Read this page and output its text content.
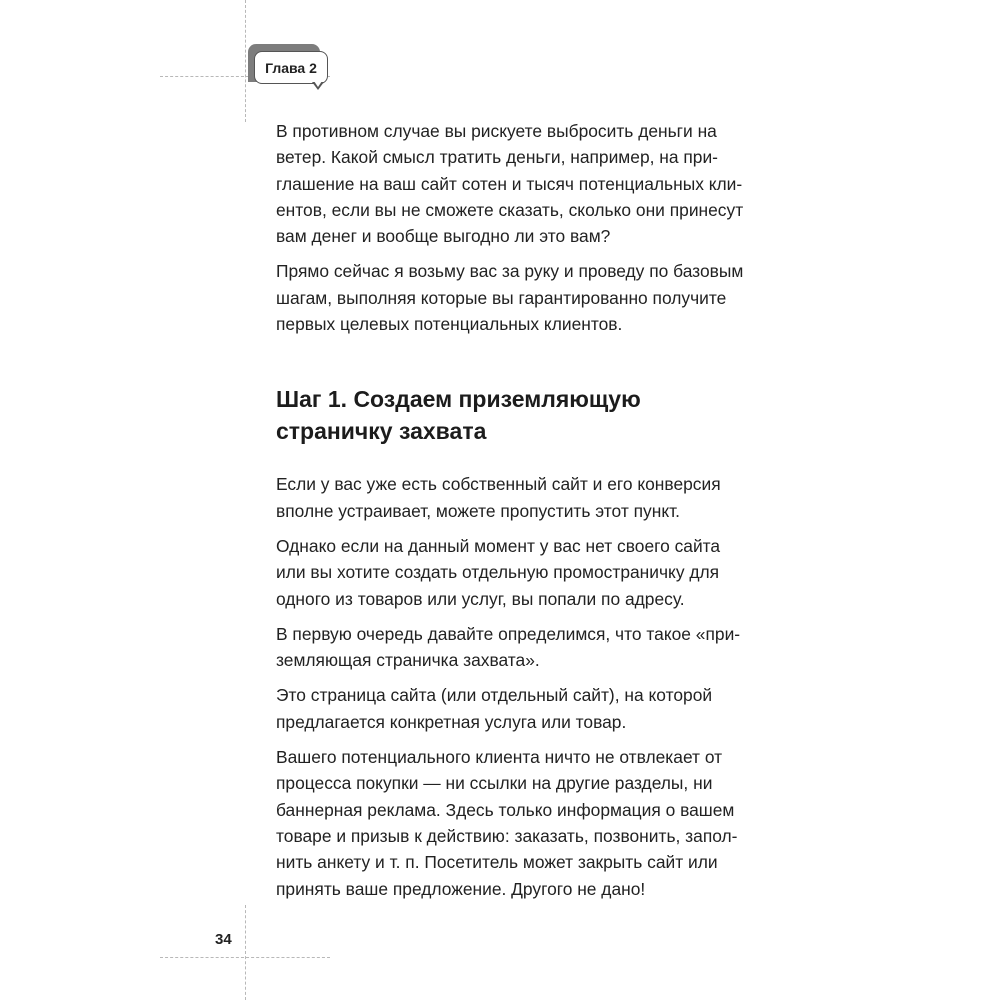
Глава 2

В противном случае вы рискуете выбросить деньги на
ветер. Какой смысл тратить деньги, например, на при-
глашение на ваш сайт сотен и тысяч потенциальных кли-
ентов, если вы не сможете сказать, сколько они принесут
вам денег и вообще выгодно ли это вам?

Прямо сейчас я возьму вас за руку и проведу по базовым
шагам, выполняя которые вы гарантированно получите
первых целевых потенциальных клиентов.

Шаг 1. Создаем приземляющую
страничку захвата

Если у вас уже есть собственный сайт и его конверсия
вполне устраивает, можете пропустить этот пункт.

Однако если на данный момент у вас нет своего сайта
или вы хотите создать отдельную промостраничку для
одного из товаров или услуг, вы попали по адресу.

В первую очередь давайте определимся, что такое «при-
земляющая страничка захвата».

Это страница сайта (или отдельный сайт), на которой
предлагается конкретная услуга или товар.

Вашего потенциального клиента ничто не отвлекает от
процесса покупки — ни ссылки на другие разделы, ни
баннерная реклама. Здесь только информация о вашем
товаре и призыв к действию: заказать, позвонить, запол-
нить анкету и т. п. Посетитель может закрыть сайт или
принять ваше предложение. Другого не дано!

34
